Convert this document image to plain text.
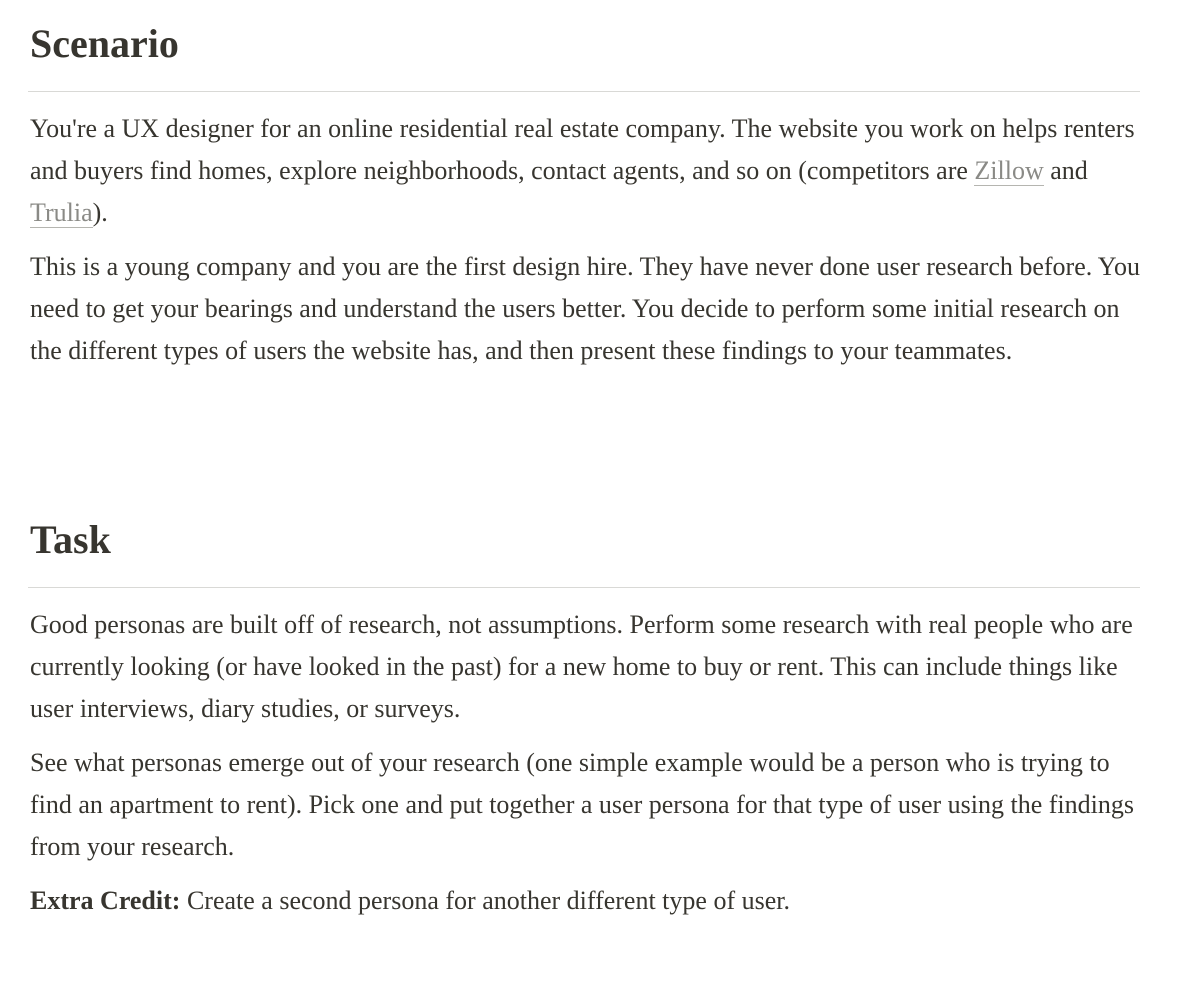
Scenario

You're a UX designer for an online residential real estate company. The website you work on helps renters and buyers find homes, explore neighborhoods, contact agents, and so on (competitors are Zillow and Trulia).

This is a young company and you are the first design hire. They have never done user research before. You need to get your bearings and understand the users better. You decide to perform some initial research on the different types of users the website has, and then present these findings to your teammates.

Task

Good personas are built off of research, not assumptions. Perform some research with real people who are currently looking (or have looked in the past) for a new home to buy or rent. This can include things like user interviews, diary studies, or surveys.

See what personas emerge out of your research (one simple example would be a person who is trying to find an apartment to rent). Pick one and put together a user persona for that type of user using the findings from your research.

Extra Credit: Create a second persona for another different type of user.
